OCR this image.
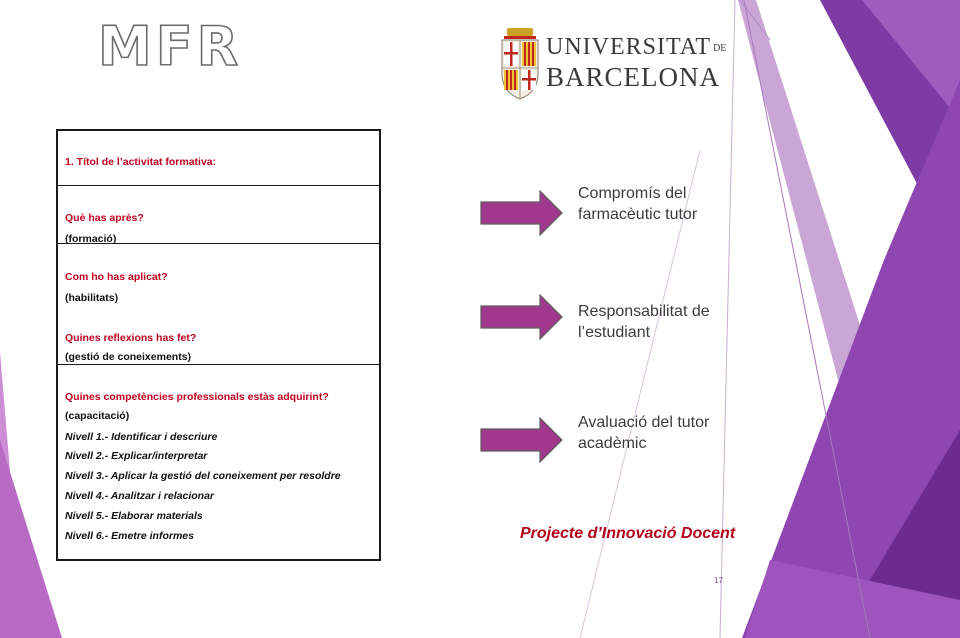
MFR	UNIVERSITAT DE
BARCELONA
1. Títol de l’activitat formativa:
Què has après?
(formació)
Com ho has aplicat?
(habilitats)
Quines reflexions has fet?
(gestió de coneixements)
Quines competències professionals estàs adquirint?
(capacitació)
Nivell 1.- Identificar i descriure
Nivell 2.- Explicar/interpretar
Nivell 3.- Aplicar la gestió del coneixement per resoldre
Nivell 4.- Analitzar i relacionar
Nivell 5.- Elaborar materials
Nivell 6.- Emetre informes
Compromís del
farmacèutic tutor
Responsabilitat de
l’estudiant
Avaluació del tutor
acadèmic
Projecte d’Innovació Docent
17
